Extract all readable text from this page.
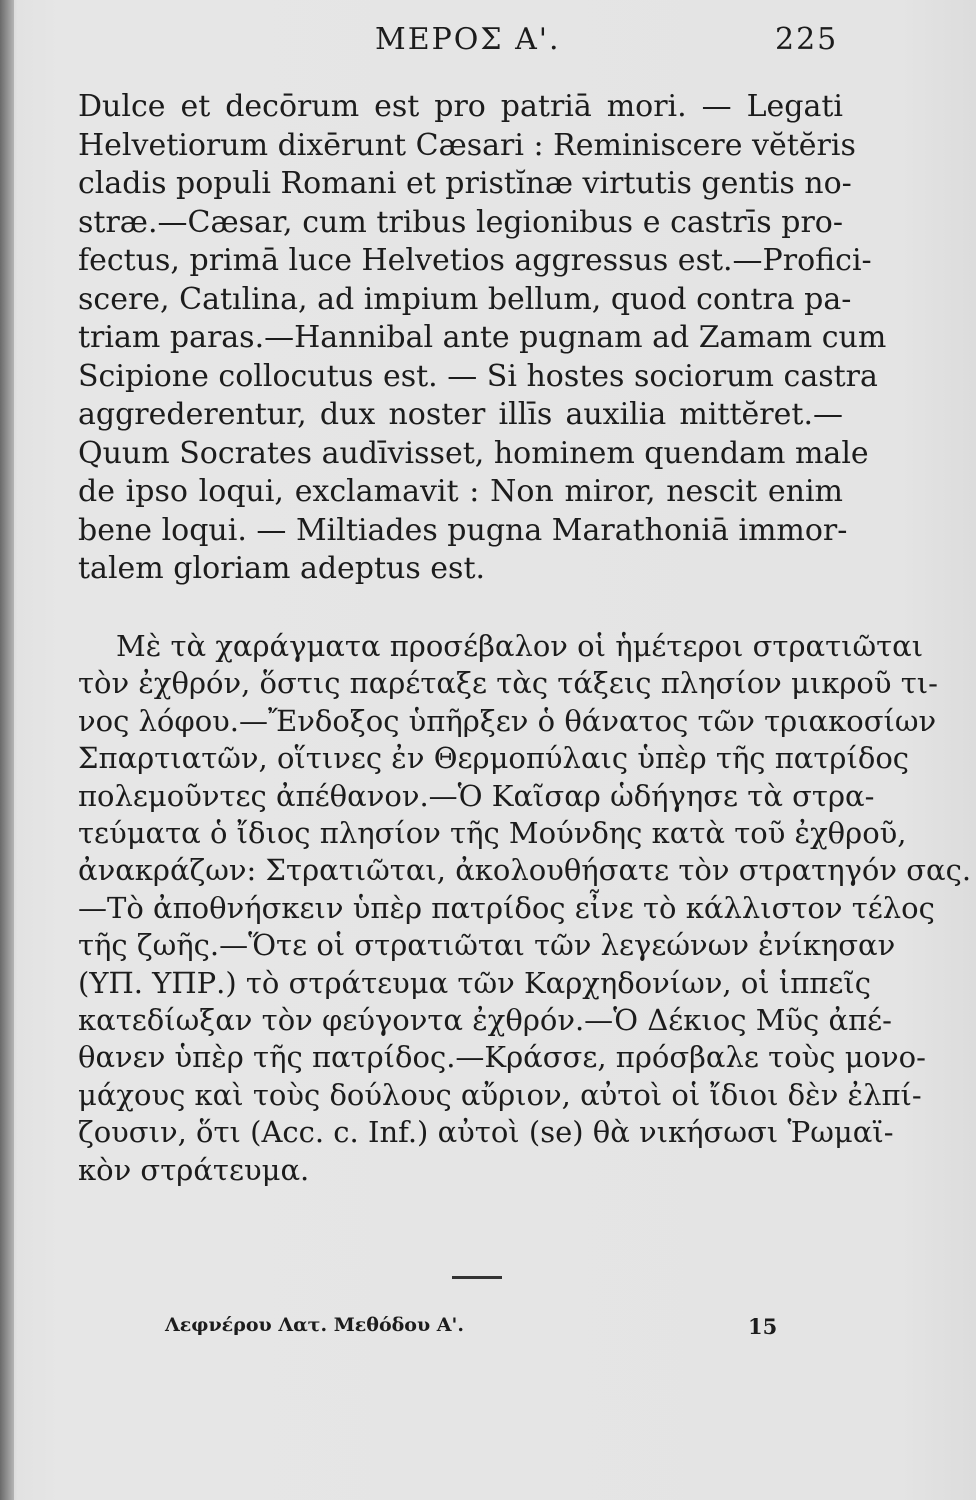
ΜΕΡΟΣ Α'.	225
Dulce et decōrum est pro patriā mori. — Legati
Helvetiorum dixērunt Cæsari : Reminiscere vĕtĕris
cladis populi Romani et pristĭnæ virtutis gentis no-
stræ.—Cæsar, cum tribus legionibus e castrīs pro-
fectus, primā luce Helvetios aggressus est.—Profici-
scere, Catılina, ad impium bellum, quod contra pa-
triam paras.—Hannibal ante pugnam ad Zamam cum
Scipione collocutus est. — Si hostes sociorum castra
aggrederentur, dux noster illīs auxilia mittĕret.—
Quum Socrates audīvisset, hominem quendam male
de ipso loqui, exclamavit : Non miror, nescit enim
bene loqui. — Miltiades pugna Marathoniā immor-
talem gloriam adeptus est.
Μὲ τὰ χαράγματα προσέβαλον οἱ ἡμέτεροι στρατιῶται
τὸν ἐχθρόν, ὅστις παρέταξε τὰς τάξεις πλησίον μικροῦ τι-
νος λόφου.—Ἔνδοξος ὑπῆρξεν ὁ θάνατος τῶν τριακοσίων
Σπαρτιατῶν, οἵτινες ἐν Θερμοπύλαις ὑπὲρ τῆς πατρίδος
πολεμοῦντες ἀπέθανον.—Ὁ Καῖσαρ ὡδήγησε τὰ στρα-
τεύματα ὁ ἴδιος πλησίον τῆς Μούνδης κατὰ τοῦ ἐχθροῦ,
ἀνακράζων: Στρατιῶται, ἀκολουθήσατε τὸν στρατηγόν σας.
—Τὸ ἀποθνήσκειν ὑπὲρ πατρίδος εἶνε τὸ κάλλιστον τέλος
τῆς ζωῆς.—Ὅτε οἱ στρατιῶται τῶν λεγεώνων ἐνίκησαν
(ΥΠ. ΥΠΡ.) τὸ στράτευμα τῶν Καρχηδονίων, οἱ ἱππεῖς
κατεδίωξαν τὸν φεύγοντα ἐχθρόν.—Ὁ Δέκιος Μῦς ἀπέ-
θανεν ὑπὲρ τῆς πατρίδος.—Κράσσε, πρόσβαλε τοὺς μονο-
μάχους καὶ τοὺς δούλους αὔριον, αὐτοὶ οἱ ἴδιοι δὲν ἐλπί-
ζουσιν, ὅτι (Acc. c. Inf.) αὐτοὶ (se) θὰ νικήσωσι Ῥωμαϊ-
κὸν στράτευμα.
Λεφνέρου Λατ. Μεθόδου Α'.	15
